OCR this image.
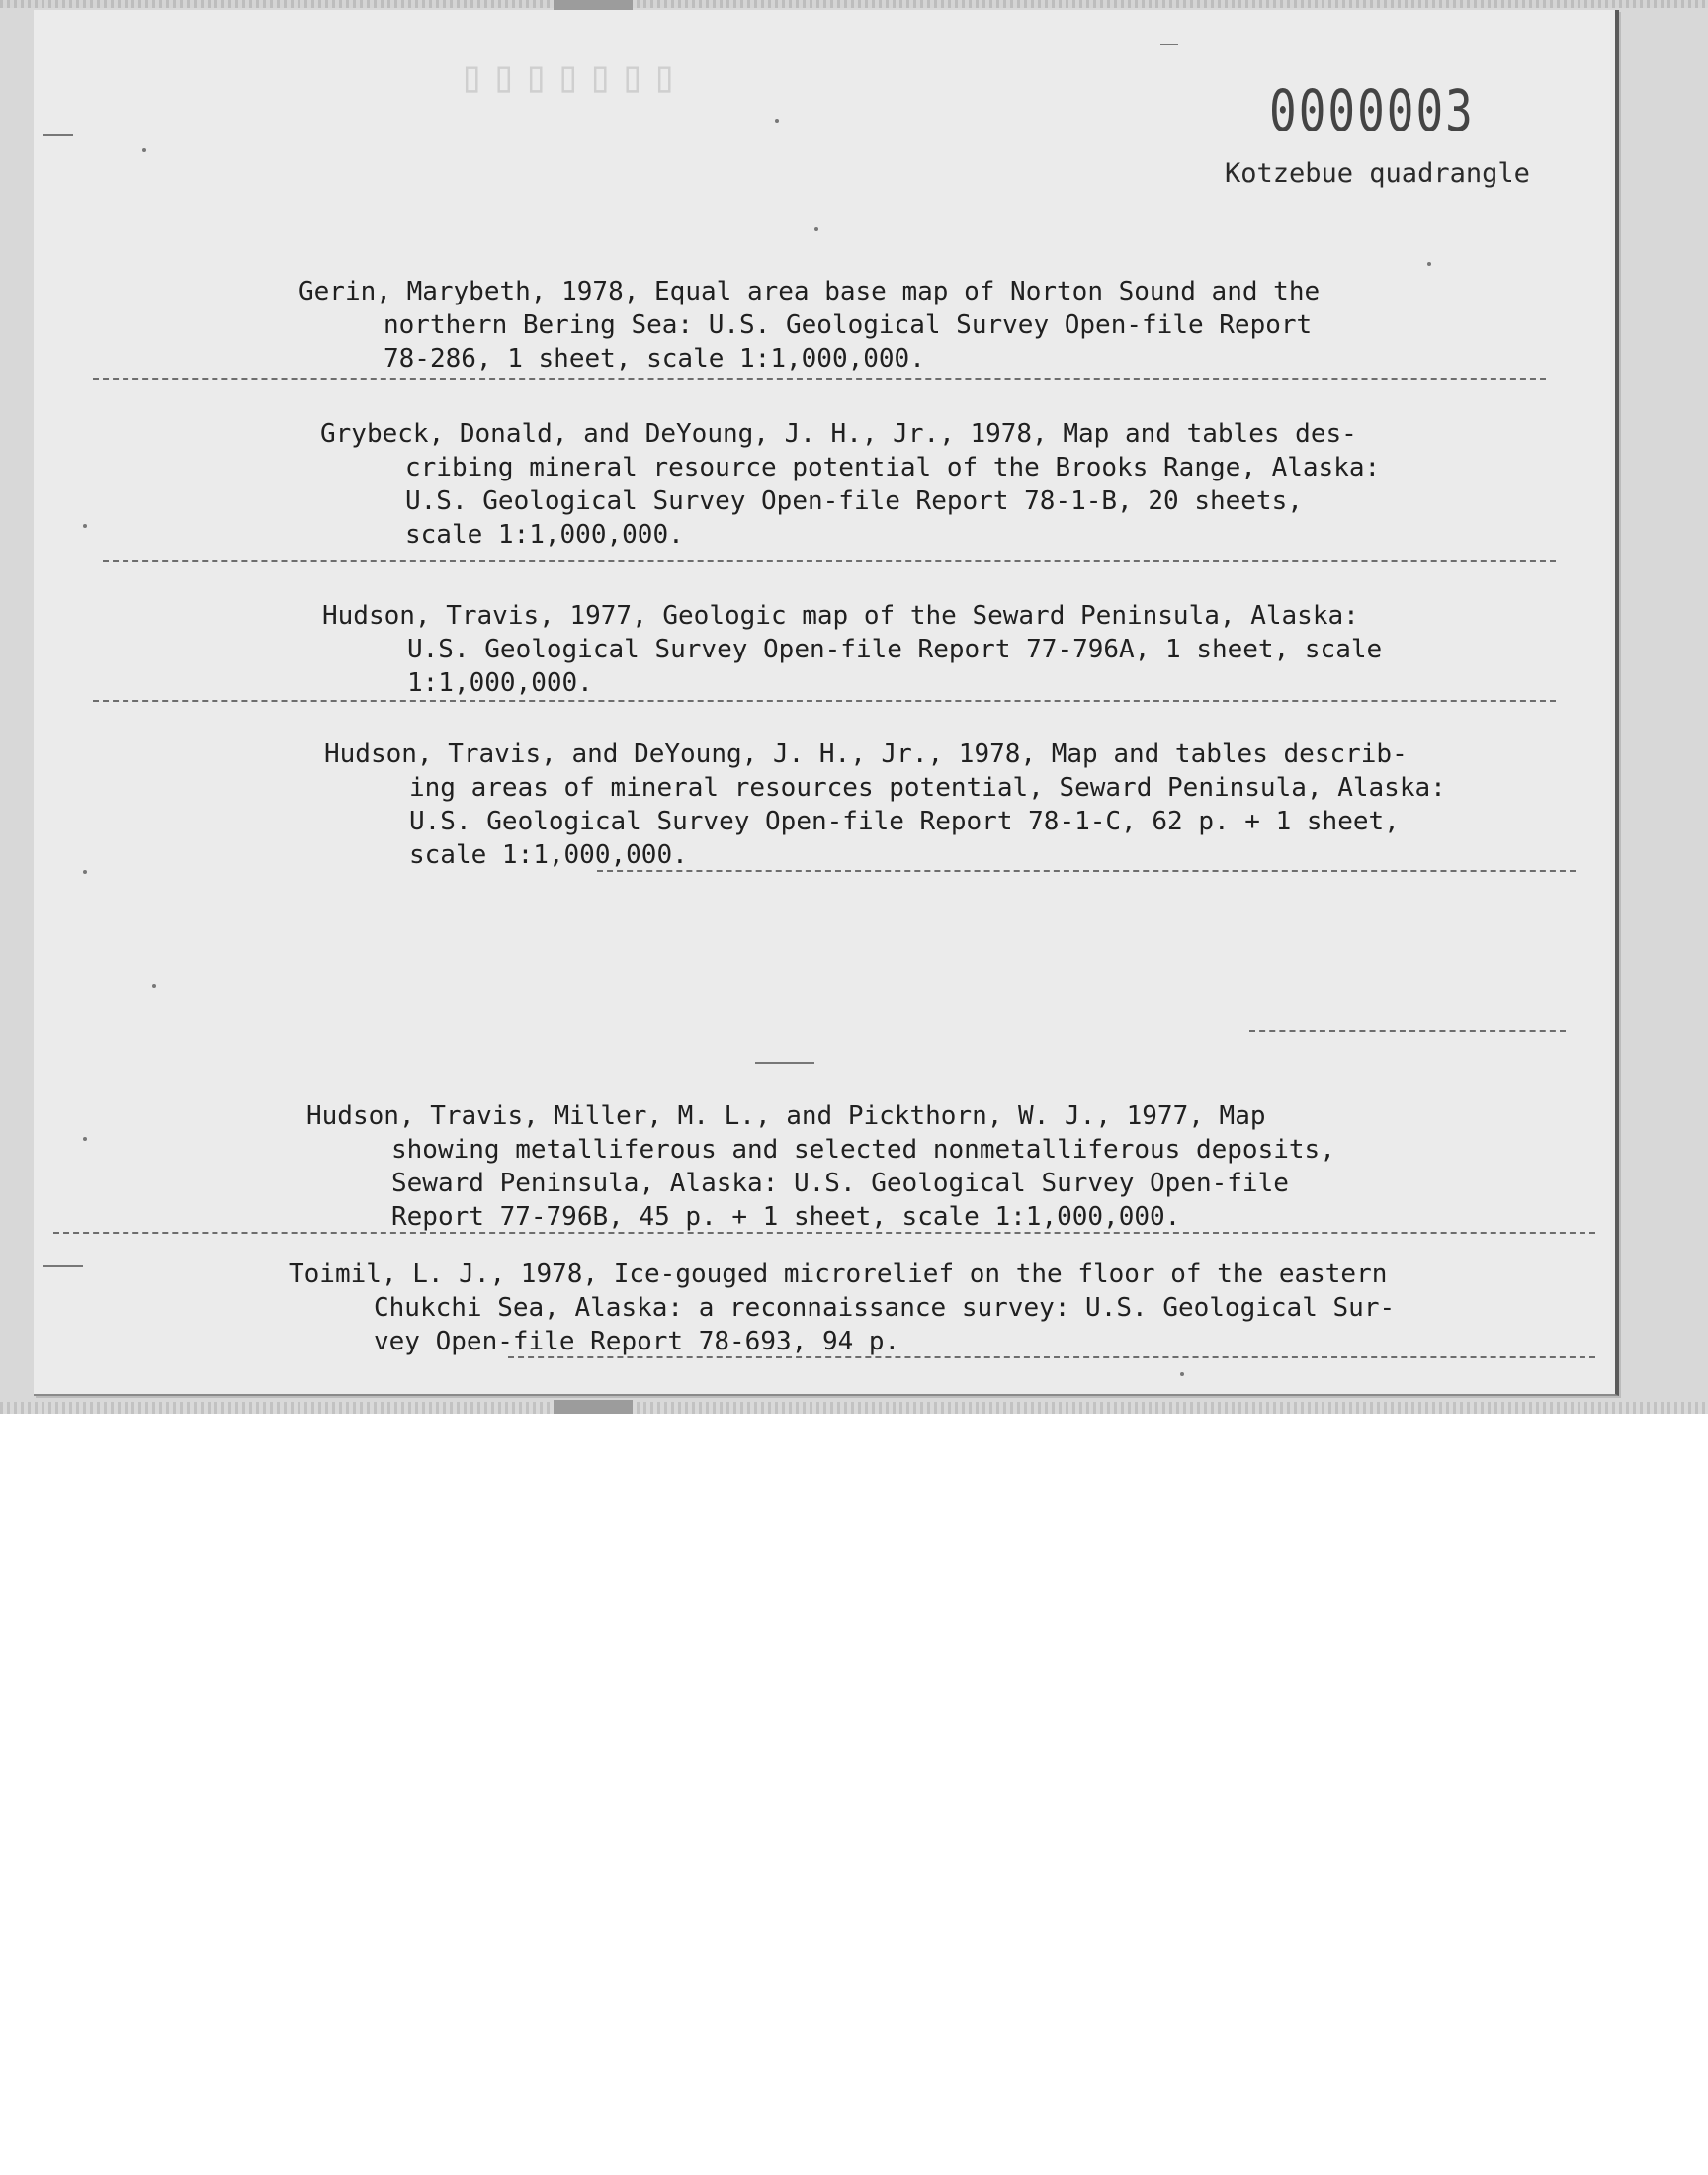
▯▯▯▯▯▯▯
0000003
Kotzebue quadrangle
Gerin, Marybeth, 1978, Equal area base map of Norton Sound and the
northern Bering Sea: U.S. Geological Survey Open-file Report
78-286, 1 sheet, scale 1:1,000,000.
Grybeck, Donald, and DeYoung, J. H., Jr., 1978, Map and tables des-
cribing mineral resource potential of the Brooks Range, Alaska:
U.S. Geological Survey Open-file Report 78-1-B, 20 sheets,
scale 1:1,000,000.
Hudson, Travis, 1977, Geologic map of the Seward Peninsula, Alaska:
U.S. Geological Survey Open-file Report 77-796A, 1 sheet, scale
1:1,000,000.
Hudson, Travis, and DeYoung, J. H., Jr., 1978, Map and tables describ-
ing areas of mineral resources potential, Seward Peninsula, Alaska:
U.S. Geological Survey Open-file Report 78-1-C, 62 p. + 1 sheet,
scale 1:1,000,000.
Hudson, Travis, Miller, M. L., and Pickthorn, W. J., 1977, Map
showing metalliferous and selected nonmetalliferous deposits,
Seward Peninsula, Alaska: U.S. Geological Survey Open-file
Report 77-796B, 45 p. + 1 sheet, scale 1:1,000,000.
Toimil, L. J., 1978, Ice-gouged microrelief on the floor of the eastern
Chukchi Sea, Alaska: a reconnaissance survey: U.S. Geological Sur-
vey Open-file Report 78-693, 94 p.
